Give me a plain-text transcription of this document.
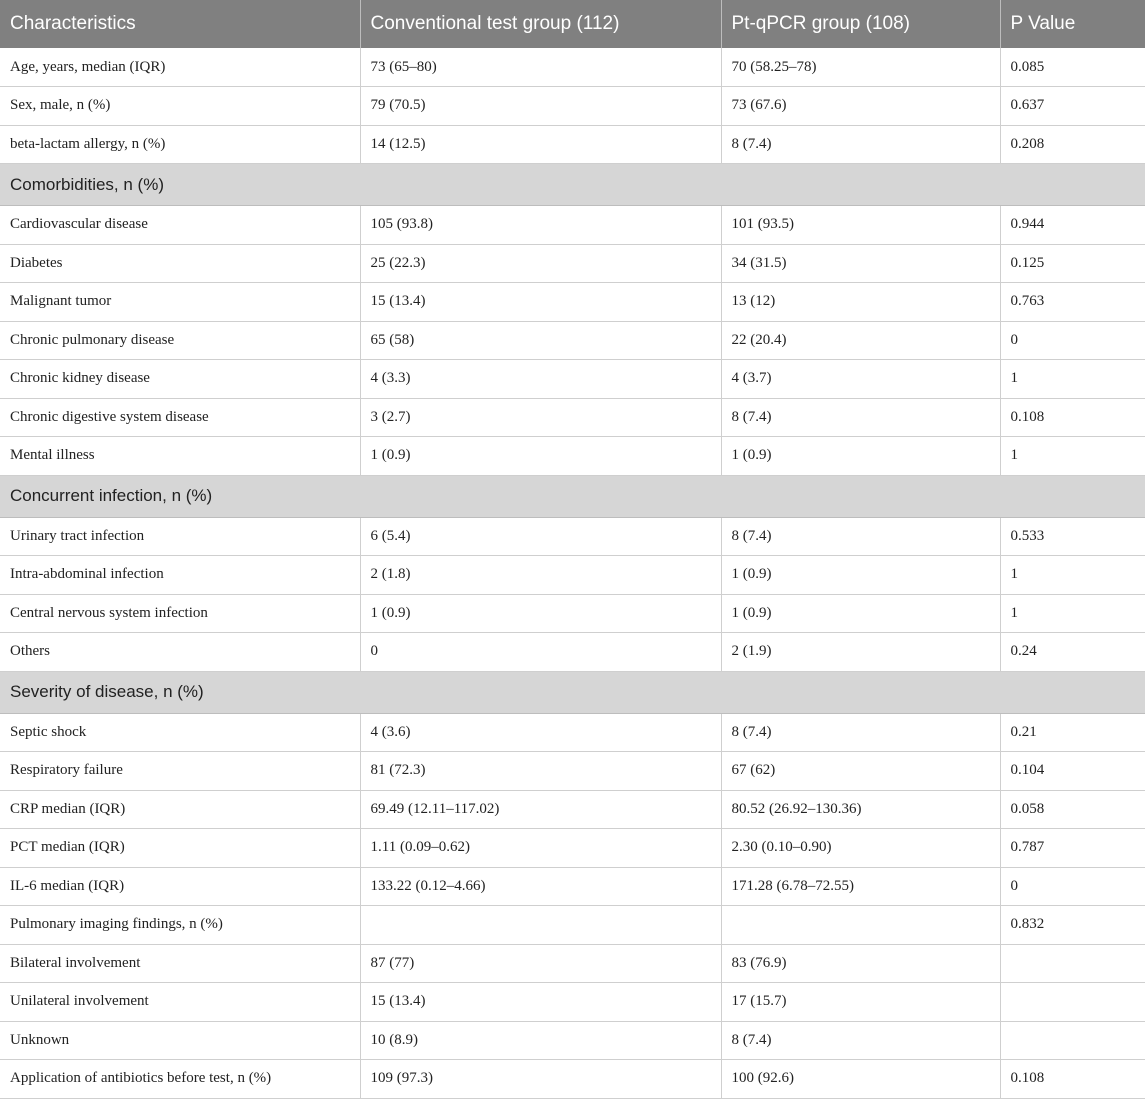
Characteristics	Conventional test group (112)	Pt-qPCR group (108)	P Value
Age, years, median (IQR)	73 (65–80)	70 (58.25–78)	0.085
Sex, male, n (%)	79 (70.5)	73 (67.6)	0.637
beta-lactam allergy, n (%)	14 (12.5)	8 (7.4)	0.208
Comorbidities, n (%)			
Cardiovascular disease	105 (93.8)	101 (93.5)	0.944
Diabetes	25 (22.3)	34 (31.5)	0.125
Malignant tumor	15 (13.4)	13 (12)	0.763
Chronic pulmonary disease	65 (58)	22 (20.4)	0
Chronic kidney disease	4 (3.3)	4 (3.7)	1
Chronic digestive system disease	3 (2.7)	8 (7.4)	0.108
Mental illness	1 (0.9)	1 (0.9)	1
Concurrent infection, n (%)			
Urinary tract infection	6 (5.4)	8 (7.4)	0.533
Intra-abdominal infection	2 (1.8)	1 (0.9)	1
Central nervous system infection	1 (0.9)	1 (0.9)	1
Others	0	2 (1.9)	0.24
Severity of disease, n (%)			
Septic shock	4 (3.6)	8 (7.4)	0.21
Respiratory failure	81 (72.3)	67 (62)	0.104
CRP median (IQR)	69.49 (12.11–117.02)	80.52 (26.92–130.36)	0.058
PCT median (IQR)	1.11 (0.09–0.62)	2.30 (0.10–0.90)	0.787
IL-6 median (IQR)	133.22 (0.12–4.66)	171.28 (6.78–72.55)	0
Pulmonary imaging findings, n (%)			0.832
Bilateral involvement	87 (77)	83 (76.9)	
Unilateral involvement	15 (13.4)	17 (15.7)	
Unknown	10 (8.9)	8 (7.4)	
Application of antibiotics before test, n (%)	109 (97.3)	100 (92.6)	0.108
